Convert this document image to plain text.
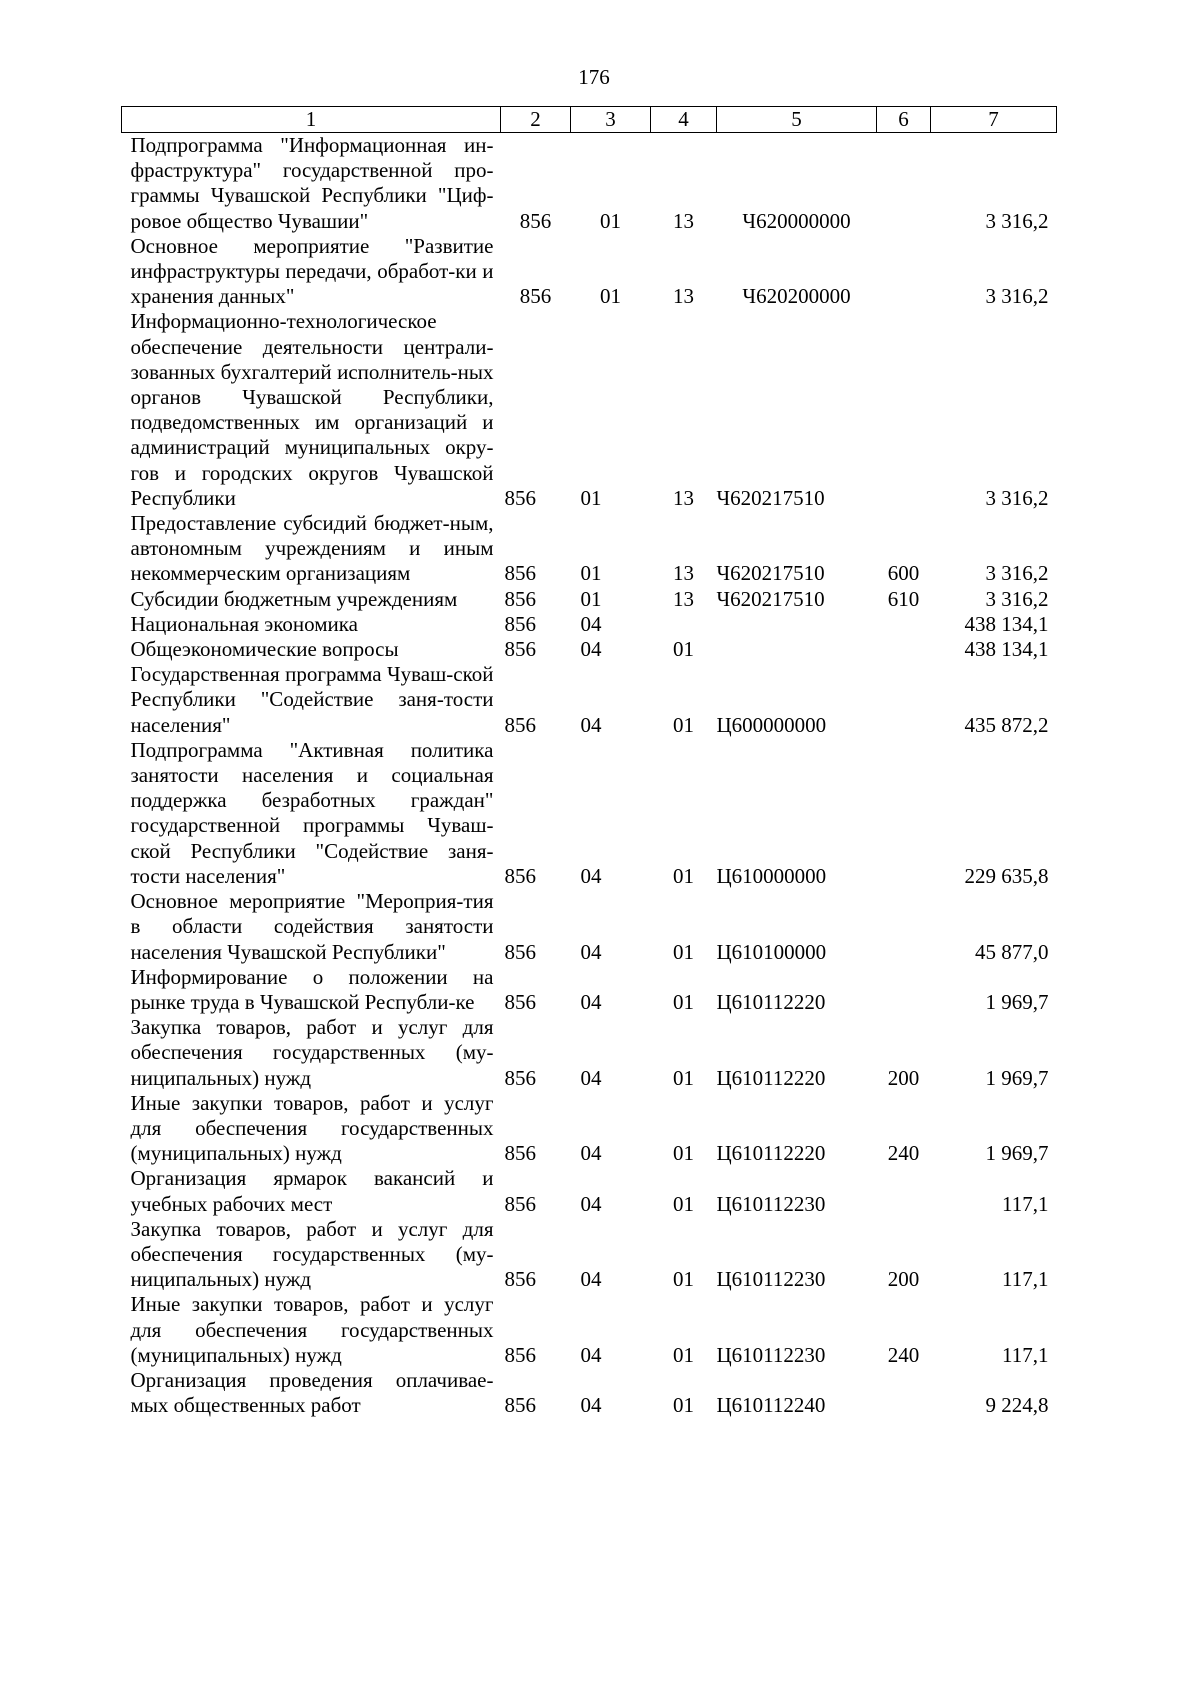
176
1	2	3	4	5	6	7
Подпрограмма "Информационная ин-фраструктура" государственной про-граммы Чувашской Республики "Циф-ровое общество Чувашии"	856	01	13	Ч620000000		3 316,2
Основное мероприятие "Развитие инфраструктуры передачи, обработ-ки и хранения данных"	856	01	13	Ч620200000		3 316,2
Информационно-технологическое обеспечение деятельности централи-зованных бухгалтерий исполнитель-ных органов Чувашской Республики, подведомственных им организаций и администраций муниципальных окру-гов и городских округов Чувашской Республики	856	01	13	Ч620217510		3 316,2
Предоставление субсидий бюджет-ным, автономным учреждениям и иным некоммерческим организациям	856	01	13	Ч620217510	600	3 316,2
Субсидии бюджетным учреждениям	856	01	13	Ч620217510	610	3 316,2
Национальная экономика	856	04				438 134,1
Общеэкономические вопросы	856	04	01			438 134,1
Государственная программа Чуваш-ской Республики "Содействие заня-тости населения"	856	04	01	Ц600000000		435 872,2
Подпрограмма "Активная политика занятости населения и социальная поддержка безработных граждан" государственной программы Чуваш-ской Республики "Содействие заня-тости населения"	856	04	01	Ц610000000		229 635,8
Основное мероприятие "Мероприя-тия в области содействия занятости населения Чувашской Республики"	856	04	01	Ц610100000		45 877,0
Информирование о положении на рынке труда в Чувашской Республи-ке	856	04	01	Ц610112220		1 969,7
Закупка товаров, работ и услуг для обеспечения государственных (му-ниципальных) нужд	856	04	01	Ц610112220	200	1 969,7
Иные закупки товаров, работ и услуг для обеспечения государственных (муниципальных) нужд	856	04	01	Ц610112220	240	1 969,7
Организация ярмарок вакансий и учебных рабочих мест	856	04	01	Ц610112230		117,1
Закупка товаров, работ и услуг для обеспечения государственных (му-ниципальных) нужд	856	04	01	Ц610112230	200	117,1
Иные закупки товаров, работ и услуг для обеспечения государственных (муниципальных) нужд	856	04	01	Ц610112230	240	117,1
Организация проведения оплачивае-мых общественных работ	856	04	01	Ц610112240		9 224,8
